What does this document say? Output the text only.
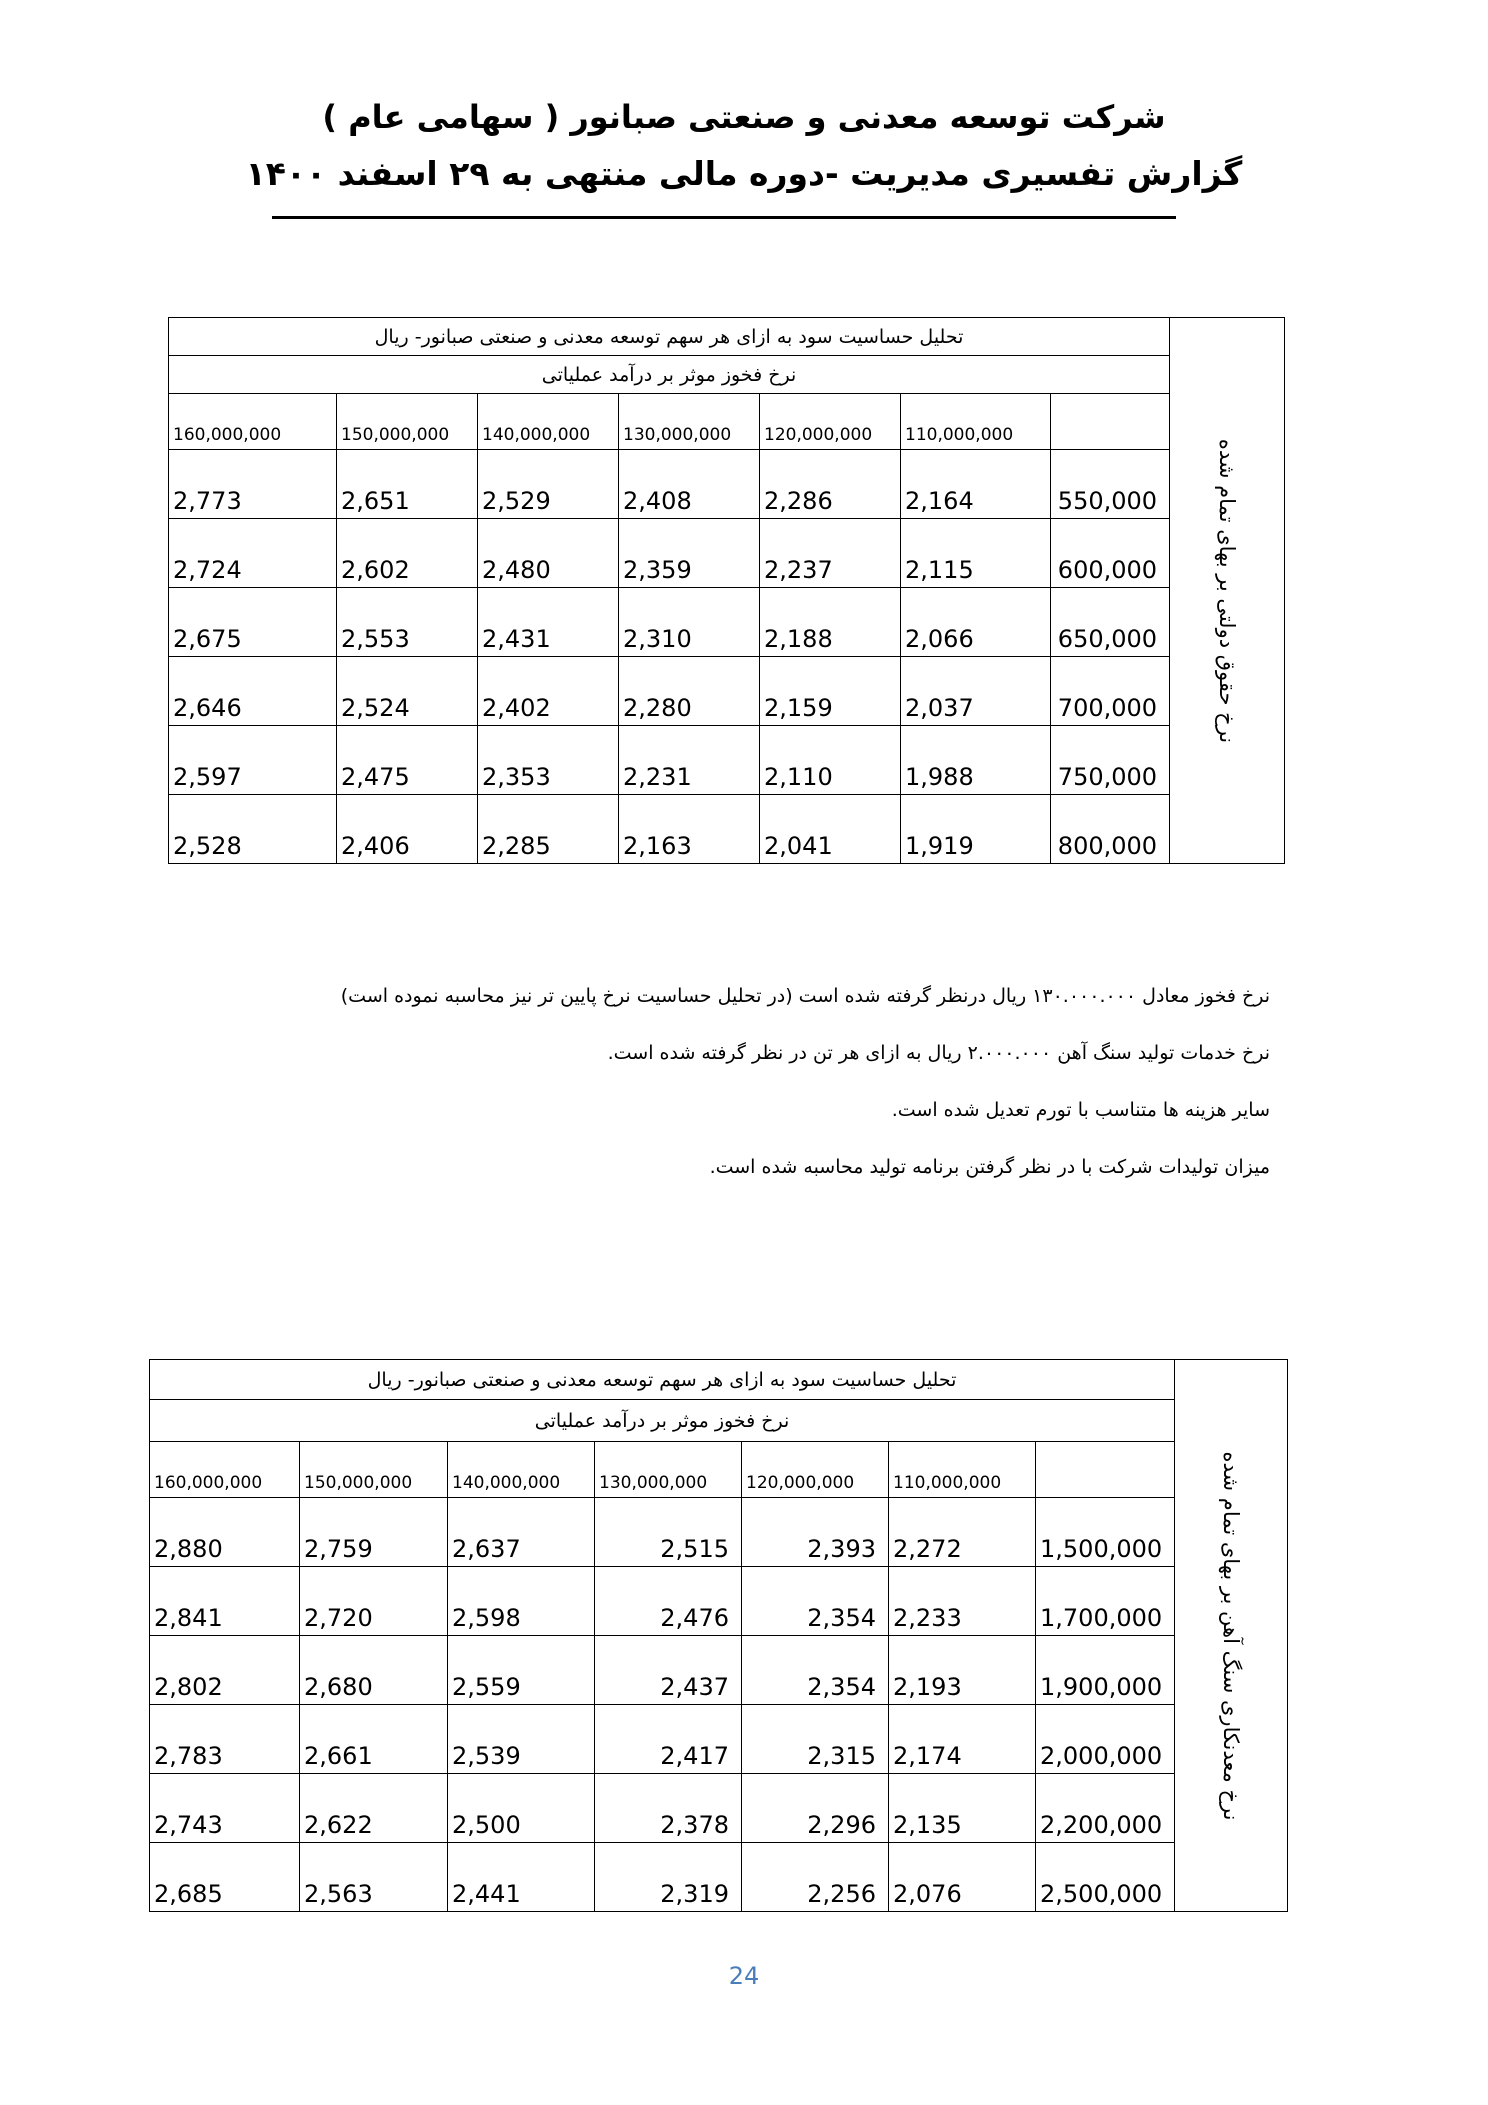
شرکت توسعه معدنی و صنعتی صبانور ( سهامی عام )
گزارش تفسیری مدیریت -دوره مالی منتهی به ۲۹ اسفند ۱۴۰۰
تحلیل حساسیت سود به ازای هر سهم توسعه معدنی و صنعتی صبانور- ریال							نرخ حقوق دولتی بر بهای تمام شده

نرخ فخوز موثر بر درآمد عملیاتی							
160,000,000	150,000,000	140,000,000	130,000,000	120,000,000	110,000,000		
2,773	2,651	2,529	2,408	2,286	2,164	550,000	
2,724	2,602	2,480	2,359	2,237	2,115	600,000	
2,675	2,553	2,431	2,310	2,188	2,066	650,000	
2,646	2,524	2,402	2,280	2,159	2,037	700,000	
2,597	2,475	2,353	2,231	2,110	1,988	750,000	
2,528	2,406	2,285	2,163	2,041	1,919	800,000	

نرخ فخوز معادل ۱۳۰.۰۰۰.۰۰۰ ریال درنظر گرفته شده است (در تحلیل حساسیت نرخ پایین تر نیز محاسبه نموده است)

نرخ خدمات تولید سنگ آهن ۲.۰۰۰.۰۰۰ ریال به ازای هر تن در نظر گرفته شده است.

سایر هزینه ها متناسب با تورم تعدیل شده است.

میزان تولیدات شرکت با در نظر گرفتن برنامه تولید محاسبه شده است.

تحلیل حساسیت سود به ازای هر سهم توسعه معدنی و صنعتی صبانور- ریال							نرخ معدنکاری سنگ آهن بر بهای تمام شده

نرخ فخوز موثر بر درآمد عملیاتی							
160,000,000	150,000,000	140,000,000	130,000,000	120,000,000	110,000,000		
2,880	2,759	2,637	2,515	2,393	2,272	1,500,000	
2,841	2,720	2,598	2,476	2,354	2,233	1,700,000	
2,802	2,680	2,559	2,437	2,354	2,193	1,900,000	
2,783	2,661	2,539	2,417	2,315	2,174	2,000,000	
2,743	2,622	2,500	2,378	2,296	2,135	2,200,000	
2,685	2,563	2,441	2,319	2,256	2,076	2,500,000	
24
